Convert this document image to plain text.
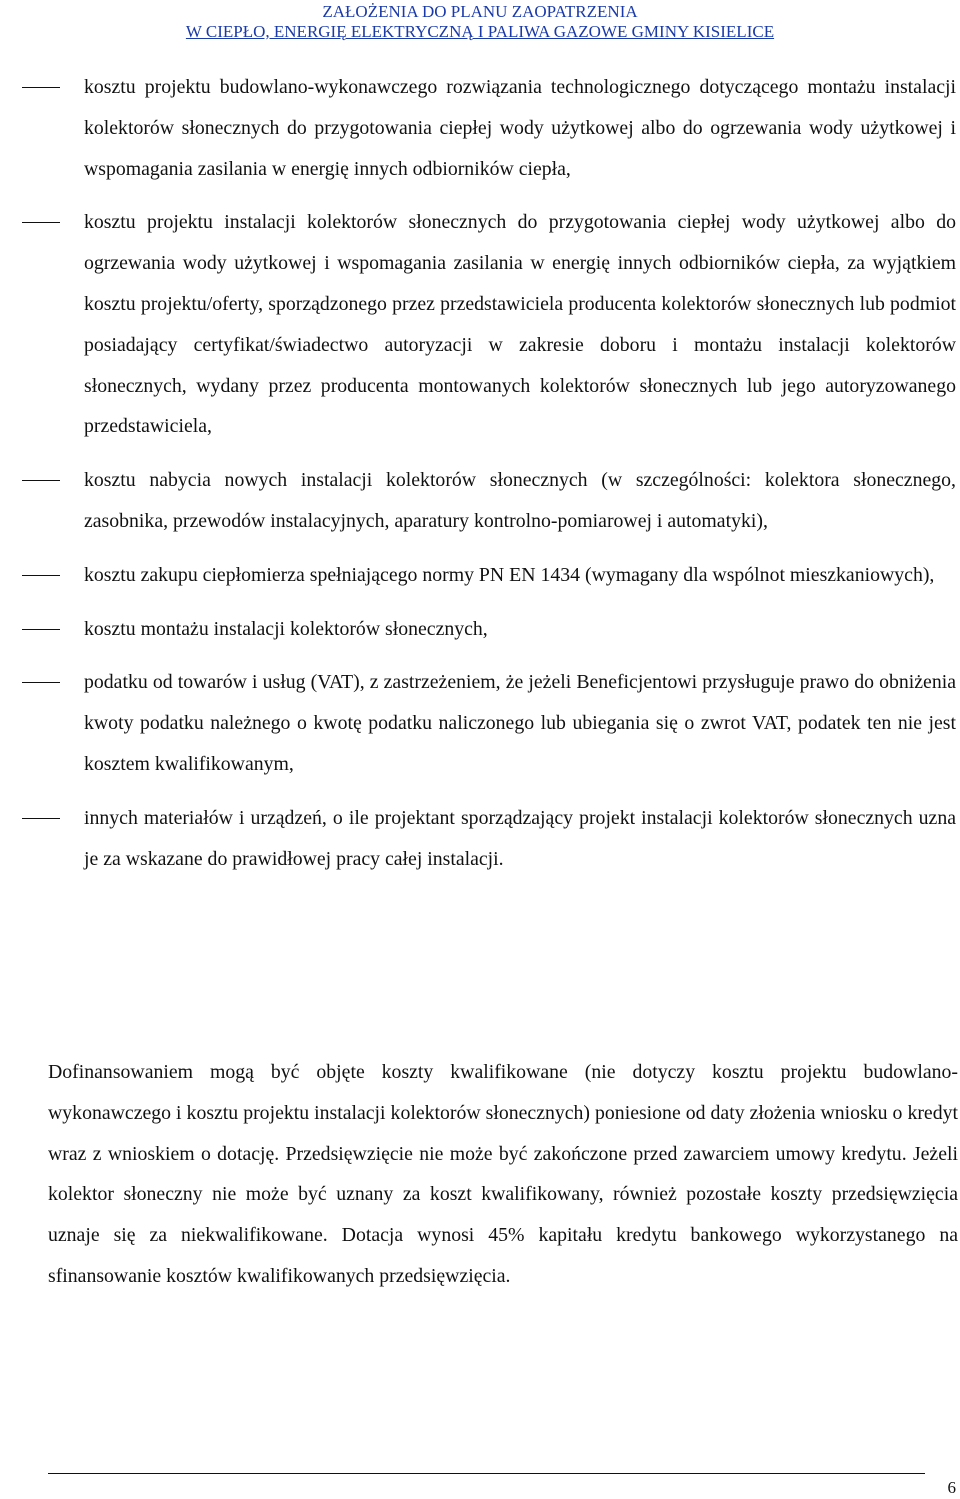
ZAŁOŻENIA DO PLANU ZAOPATRZENIA
W CIEPŁO, ENERGIĘ ELEKTRYCZNĄ I PALIWA GAZOWE GMINY KISIELICE
kosztu projektu budowlano-wykonawczego rozwiązania technologicznego dotyczącego montażu instalacji kolektorów słonecznych do przygotowania ciepłej wody użytkowej albo do ogrzewania wody użytkowej i wspomagania zasilania w energię innych odbiorników ciepła,
kosztu projektu instalacji kolektorów słonecznych do przygotowania ciepłej wody użytkowej albo do ogrzewania wody użytkowej i wspomagania zasilania w energię innych odbiorników ciepła, za wyjątkiem kosztu projektu/oferty, sporządzonego przez przedstawiciela producenta kolektorów słonecznych lub podmiot posiadający certyfikat/świadectwo autoryzacji w zakresie doboru i montażu instalacji kolektorów słonecznych, wydany przez producenta montowanych kolektorów słonecznych lub jego autoryzowanego przedstawiciela,
kosztu nabycia nowych instalacji kolektorów słonecznych (w szczególności: kolektora słonecznego, zasobnika, przewodów instalacyjnych, aparatury kontrolno-pomiarowej i automatyki),
kosztu zakupu ciepłomierza spełniającego normy PN EN 1434 (wymagany dla wspólnot mieszkaniowych),
kosztu montażu instalacji kolektorów słonecznych,
podatku od towarów i usług (VAT), z zastrzeżeniem, że jeżeli Beneficjentowi przysługuje prawo do obniżenia kwoty podatku należnego o kwotę podatku naliczonego lub ubiegania się o zwrot VAT, podatek ten nie jest kosztem kwalifikowanym,
innych materiałów i urządzeń, o ile projektant sporządzający projekt instalacji kolektorów słonecznych uzna je za wskazane do prawidłowej pracy całej instalacji.

Dofinansowaniem mogą być objęte koszty kwalifikowane (nie dotyczy kosztu projektu budowlano-wykonawczego i kosztu projektu instalacji kolektorów słonecznych) poniesione od daty złożenia wniosku o kredyt wraz z wnioskiem o dotację. Przedsięwzięcie nie może być zakończone przed zawarciem umowy kredytu. Jeżeli kolektor słoneczny nie może być uznany za koszt kwalifikowany, również pozostałe koszty przedsięwzięcia uznaje się za niekwalifikowane. Dotacja wynosi 45% kapitału kredytu bankowego wykorzystanego na sfinansowanie kosztów kwalifikowanych przedsięwzięcia.

6
